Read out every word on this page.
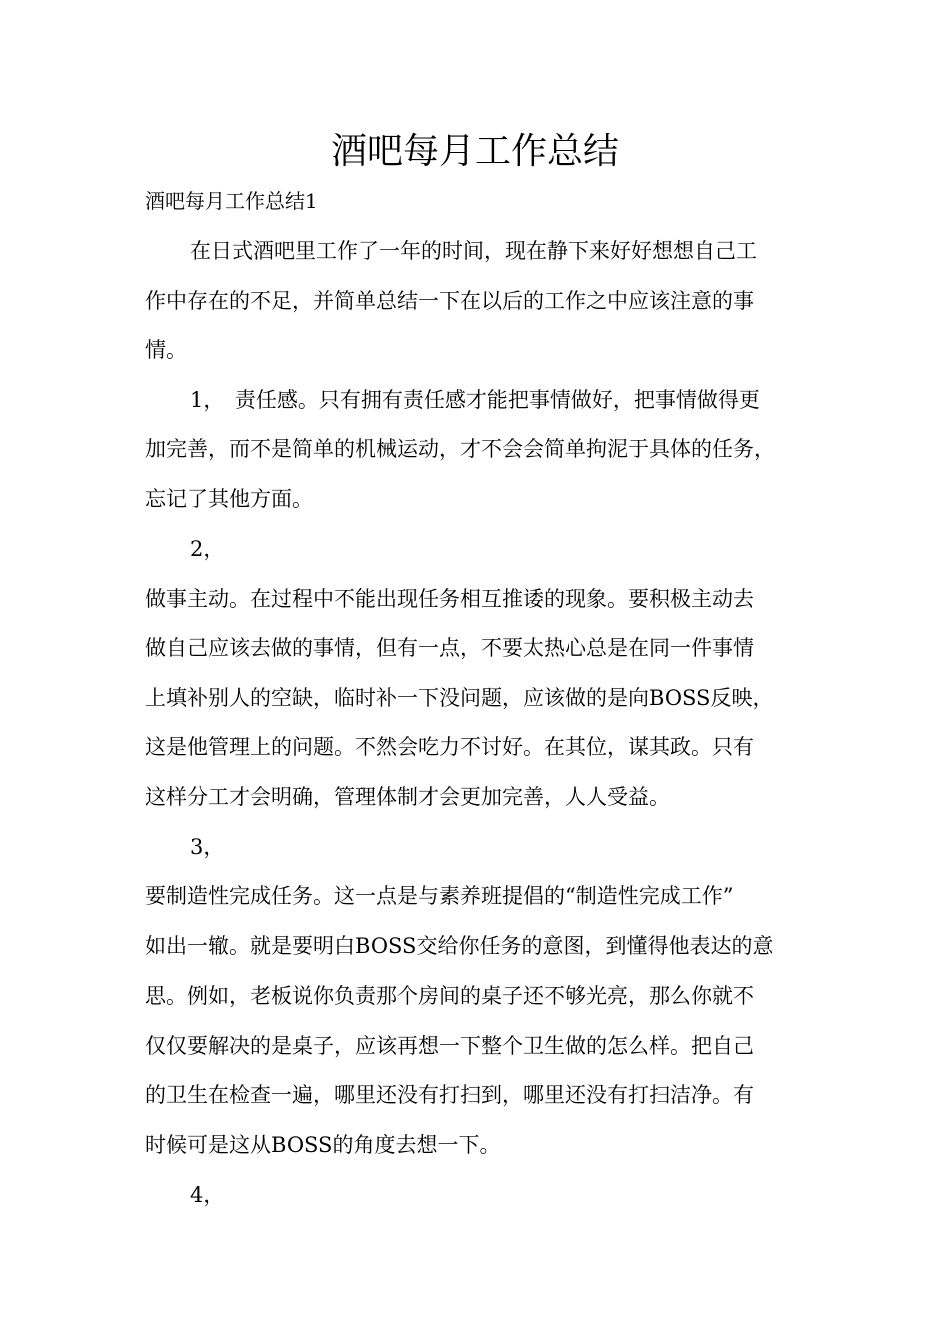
酒吧每月工作总结

酒吧每月工作总结1

在日式酒吧里工作了一年的时间，现在静下来好好想想自己工

作中存在的不足，并简单总结一下在以后的工作之中应该注意的事

情。

1，　责任感。只有拥有责任感才能把事情做好，把事情做得更

加完善，而不是简单的机械运动，才不会会简单拘泥于具体的任务，

忘记了其他方面。

2，

做事主动。在过程中不能出现任务相互推诿的现象。要积极主动去

做自己应该去做的事情，但有一点，不要太热心总是在同一件事情

上填补别人的空缺，临时补一下没问题，应该做的是向BOSS反映，

这是他管理上的问题。不然会吃力不讨好。在其位，谋其政。只有

这样分工才会明确，管理体制才会更加完善，人人受益。

3，

要制造性完成任务。这一点是与素养班提倡的“制造性完成工作”

如出一辙。就是要明白BOSS交给你任务的意图，到懂得他表达的意

思。例如，老板说你负责那个房间的桌子还不够光亮，那么你就不

仅仅要解决的是桌子，应该再想一下整个卫生做的怎么样。把自己

的卫生在检查一遍，哪里还没有打扫到，哪里还没有打扫洁净。有

时候可是这从BOSS的角度去想一下。

4，
